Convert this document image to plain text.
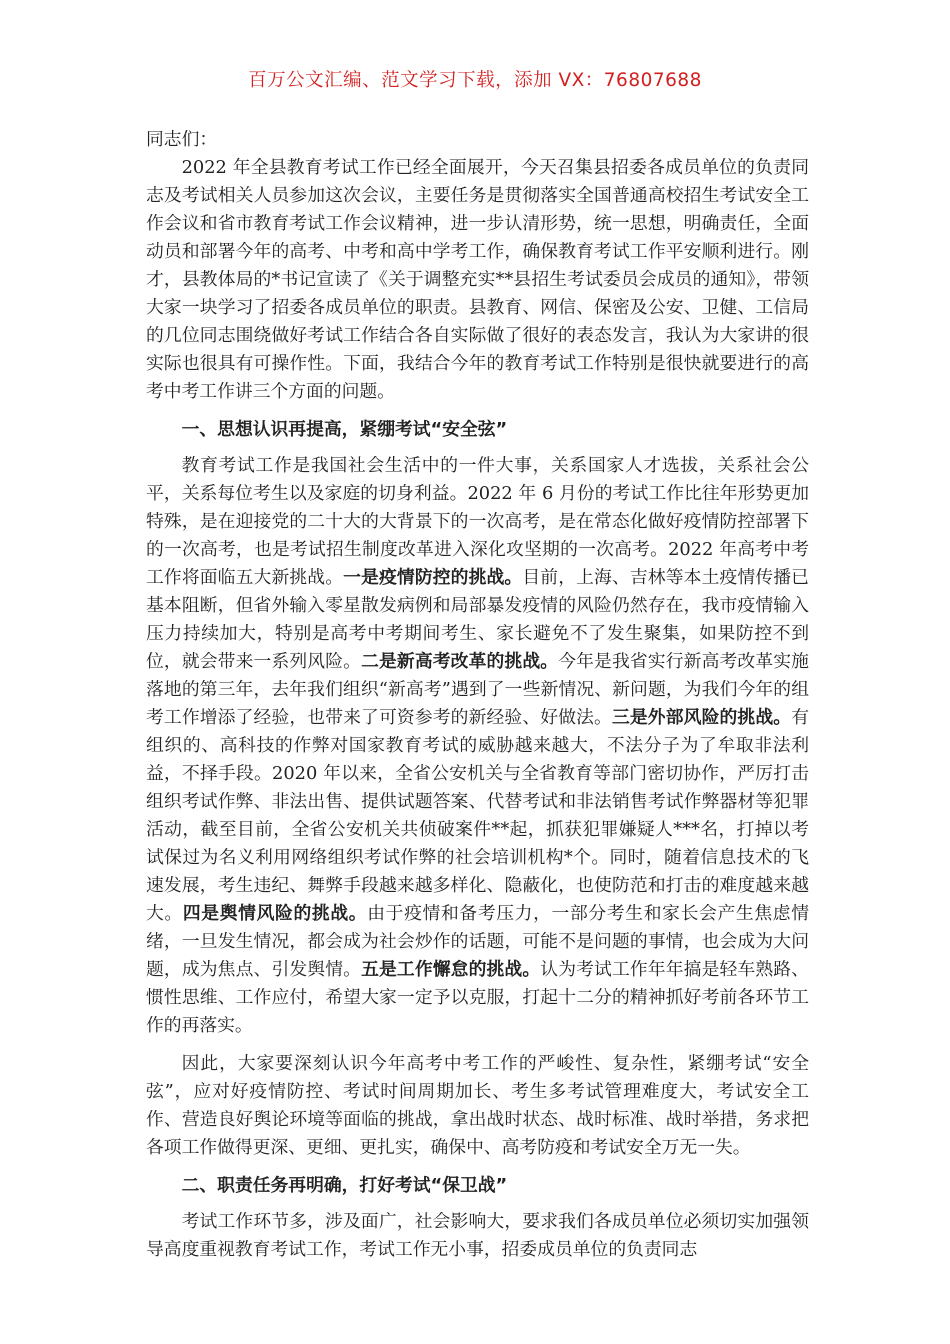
百万公文汇编、范文学习下载，添加 VX：76807688

同志们：

2022 年全县教育考试工作已经全面展开，今天召集县招委各成员单位的负责同志及考试相关人员参加这次会议，主要任务是贯彻落实全国普通高校招生考试安全工作会议和省市教育考试工作会议精神，进一步认清形势，统一思想，明确责任，全面动员和部署今年的高考、中考和高中学考工作，确保教育考试工作平安顺利进行。刚才，县教体局的*书记宣读了《关于调整充实**县招生考试委员会成员的通知》，带领大家一块学习了招委各成员单位的职责。县教育、网信、保密及公安、卫健、工信局的几位同志围绕做好考试工作结合各自实际做了很好的表态发言，我认为大家讲的很实际也很具有可操作性。下面，我结合今年的教育考试工作特别是很快就要进行的高考中考工作讲三个方面的问题。

一、思想认识再提高，紧绷考试“安全弦”

教育考试工作是我国社会生活中的一件大事，关系国家人才选拔，关系社会公平，关系每位考生以及家庭的切身利益。2022 年 6 月份的考试工作比往年形势更加特殊，是在迎接党的二十大的大背景下的一次高考，是在常态化做好疫情防控部署下的一次高考，也是考试招生制度改革进入深化攻坚期的一次高考。2022 年高考中考工作将面临五大新挑战。一是疫情防控的挑战。目前，上海、吉林等本土疫情传播已基本阻断，但省外输入零星散发病例和局部暴发疫情的风险仍然存在，我市疫情输入压力持续加大，特别是高考中考期间考生、家长避免不了发生聚集，如果防控不到位，就会带来一系列风险。二是新高考改革的挑战。今年是我省实行新高考改革实施落地的第三年，去年我们组织“新高考”遇到了一些新情况、新问题，为我们今年的组考工作增添了经验，也带来了可资参考的新经验、好做法。三是外部风险的挑战。有组织的、高科技的作弊对国家教育考试的威胁越来越大，不法分子为了牟取非法利益，不择手段。2020 年以来，全省公安机关与全省教育等部门密切协作，严厉打击组织考试作弊、非法出售、提供试题答案、代替考试和非法销售考试作弊器材等犯罪活动，截至目前，全省公安机关共侦破案件**起，抓获犯罪嫌疑人***名，打掉以考试保过为名义利用网络组织考试作弊的社会培训机构*个。同时，随着信息技术的飞速发展，考生违纪、舞弊手段越来越多样化、隐蔽化，也使防范和打击的难度越来越大。四是舆情风险的挑战。由于疫情和备考压力，一部分考生和家长会产生焦虑情绪，一旦发生情况，都会成为社会炒作的话题，可能不是问题的事情，也会成为大问题，成为焦点、引发舆情。五是工作懈怠的挑战。认为考试工作年年搞是轻车熟路、惯性思维、工作应付，希望大家一定予以克服，打起十二分的精神抓好考前各环节工作的再落实。

因此，大家要深刻认识今年高考中考工作的严峻性、复杂性，紧绷考试“安全弦”，应对好疫情防控、考试时间周期加长、考生多考试管理难度大，考试安全工作、营造良好舆论环境等面临的挑战，拿出战时状态、战时标准、战时举措，务求把各项工作做得更深、更细、更扎实，确保中、高考防疫和考试安全万无一失。

二、职责任务再明确，打好考试“保卫战”

考试工作环节多，涉及面广，社会影响大，要求我们各成员单位必须切实加强领导高度重视教育考试工作，考试工作无小事，招委成员单位的负责同志
